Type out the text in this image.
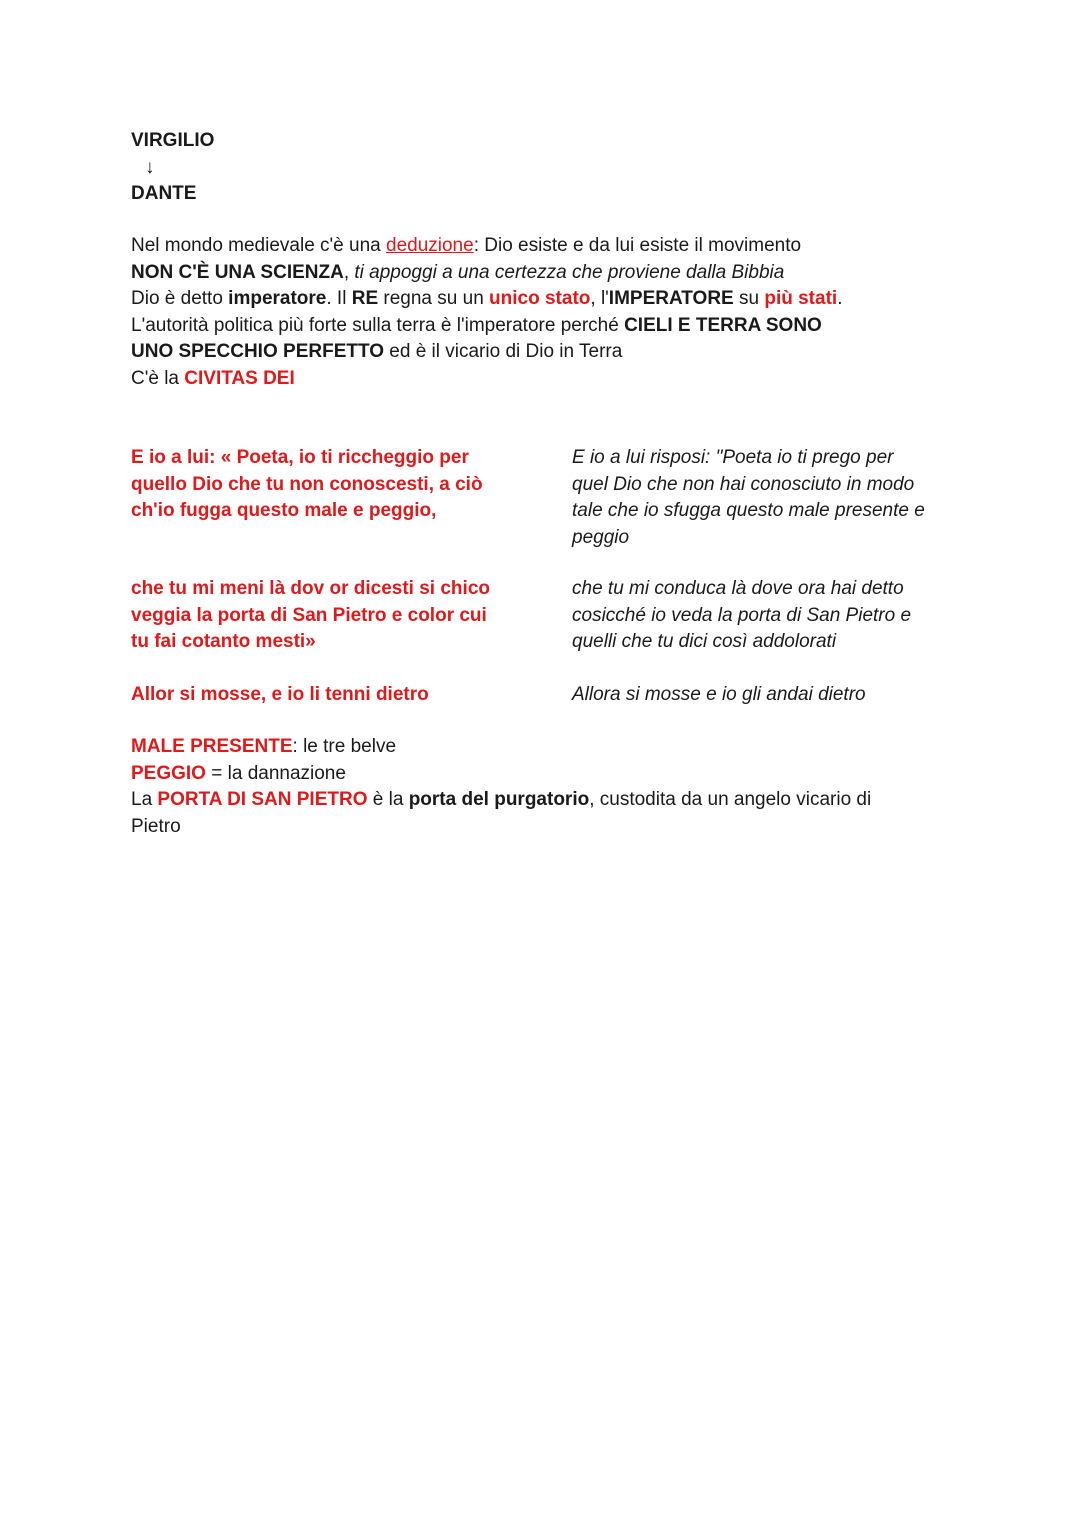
VIRGILIO
↓
DANTE
Nel mondo medievale c'è una deduzione: Dio esiste e da lui esiste il movimento
NON C'È UNA SCIENZA, ti appoggi a una certezza che proviene dalla Bibbia
Dio è detto imperatore. Il RE regna su un unico stato, l'IMPERATORE su più stati.
L'autorità politica più forte sulla terra è l'imperatore perché CIELI E TERRA SONO
UNO SPECCHIO PERFETTO ed è il vicario di Dio in Terra
C'è la CIVITAS DEI
E io a lui: « Poeta, io ti riccheggio per
quello Dio che tu non conoscesti, a ciò
ch'io fugga questo male e peggio,
E io a lui risposi: "Poeta io ti prego per
quel Dio che non hai conosciuto in modo
tale che io sfugga questo male presente e
peggio
che tu mi meni là dov or dicesti si chico
veggia la porta di San Pietro e color cui
tu fai cotanto mesti»
che tu mi conduca là dove ora hai detto
cosicché io veda la porta di San Pietro e
quelli che tu dici così addolorati
Allor si mosse, e io li tenni dietro	Allora si mosse e io gli andai dietro
MALE PRESENTE: le tre belve
PEGGIO = la dannazione
La PORTA DI SAN PIETRO è la porta del purgatorio, custodita da un angelo vicario di
Pietro
